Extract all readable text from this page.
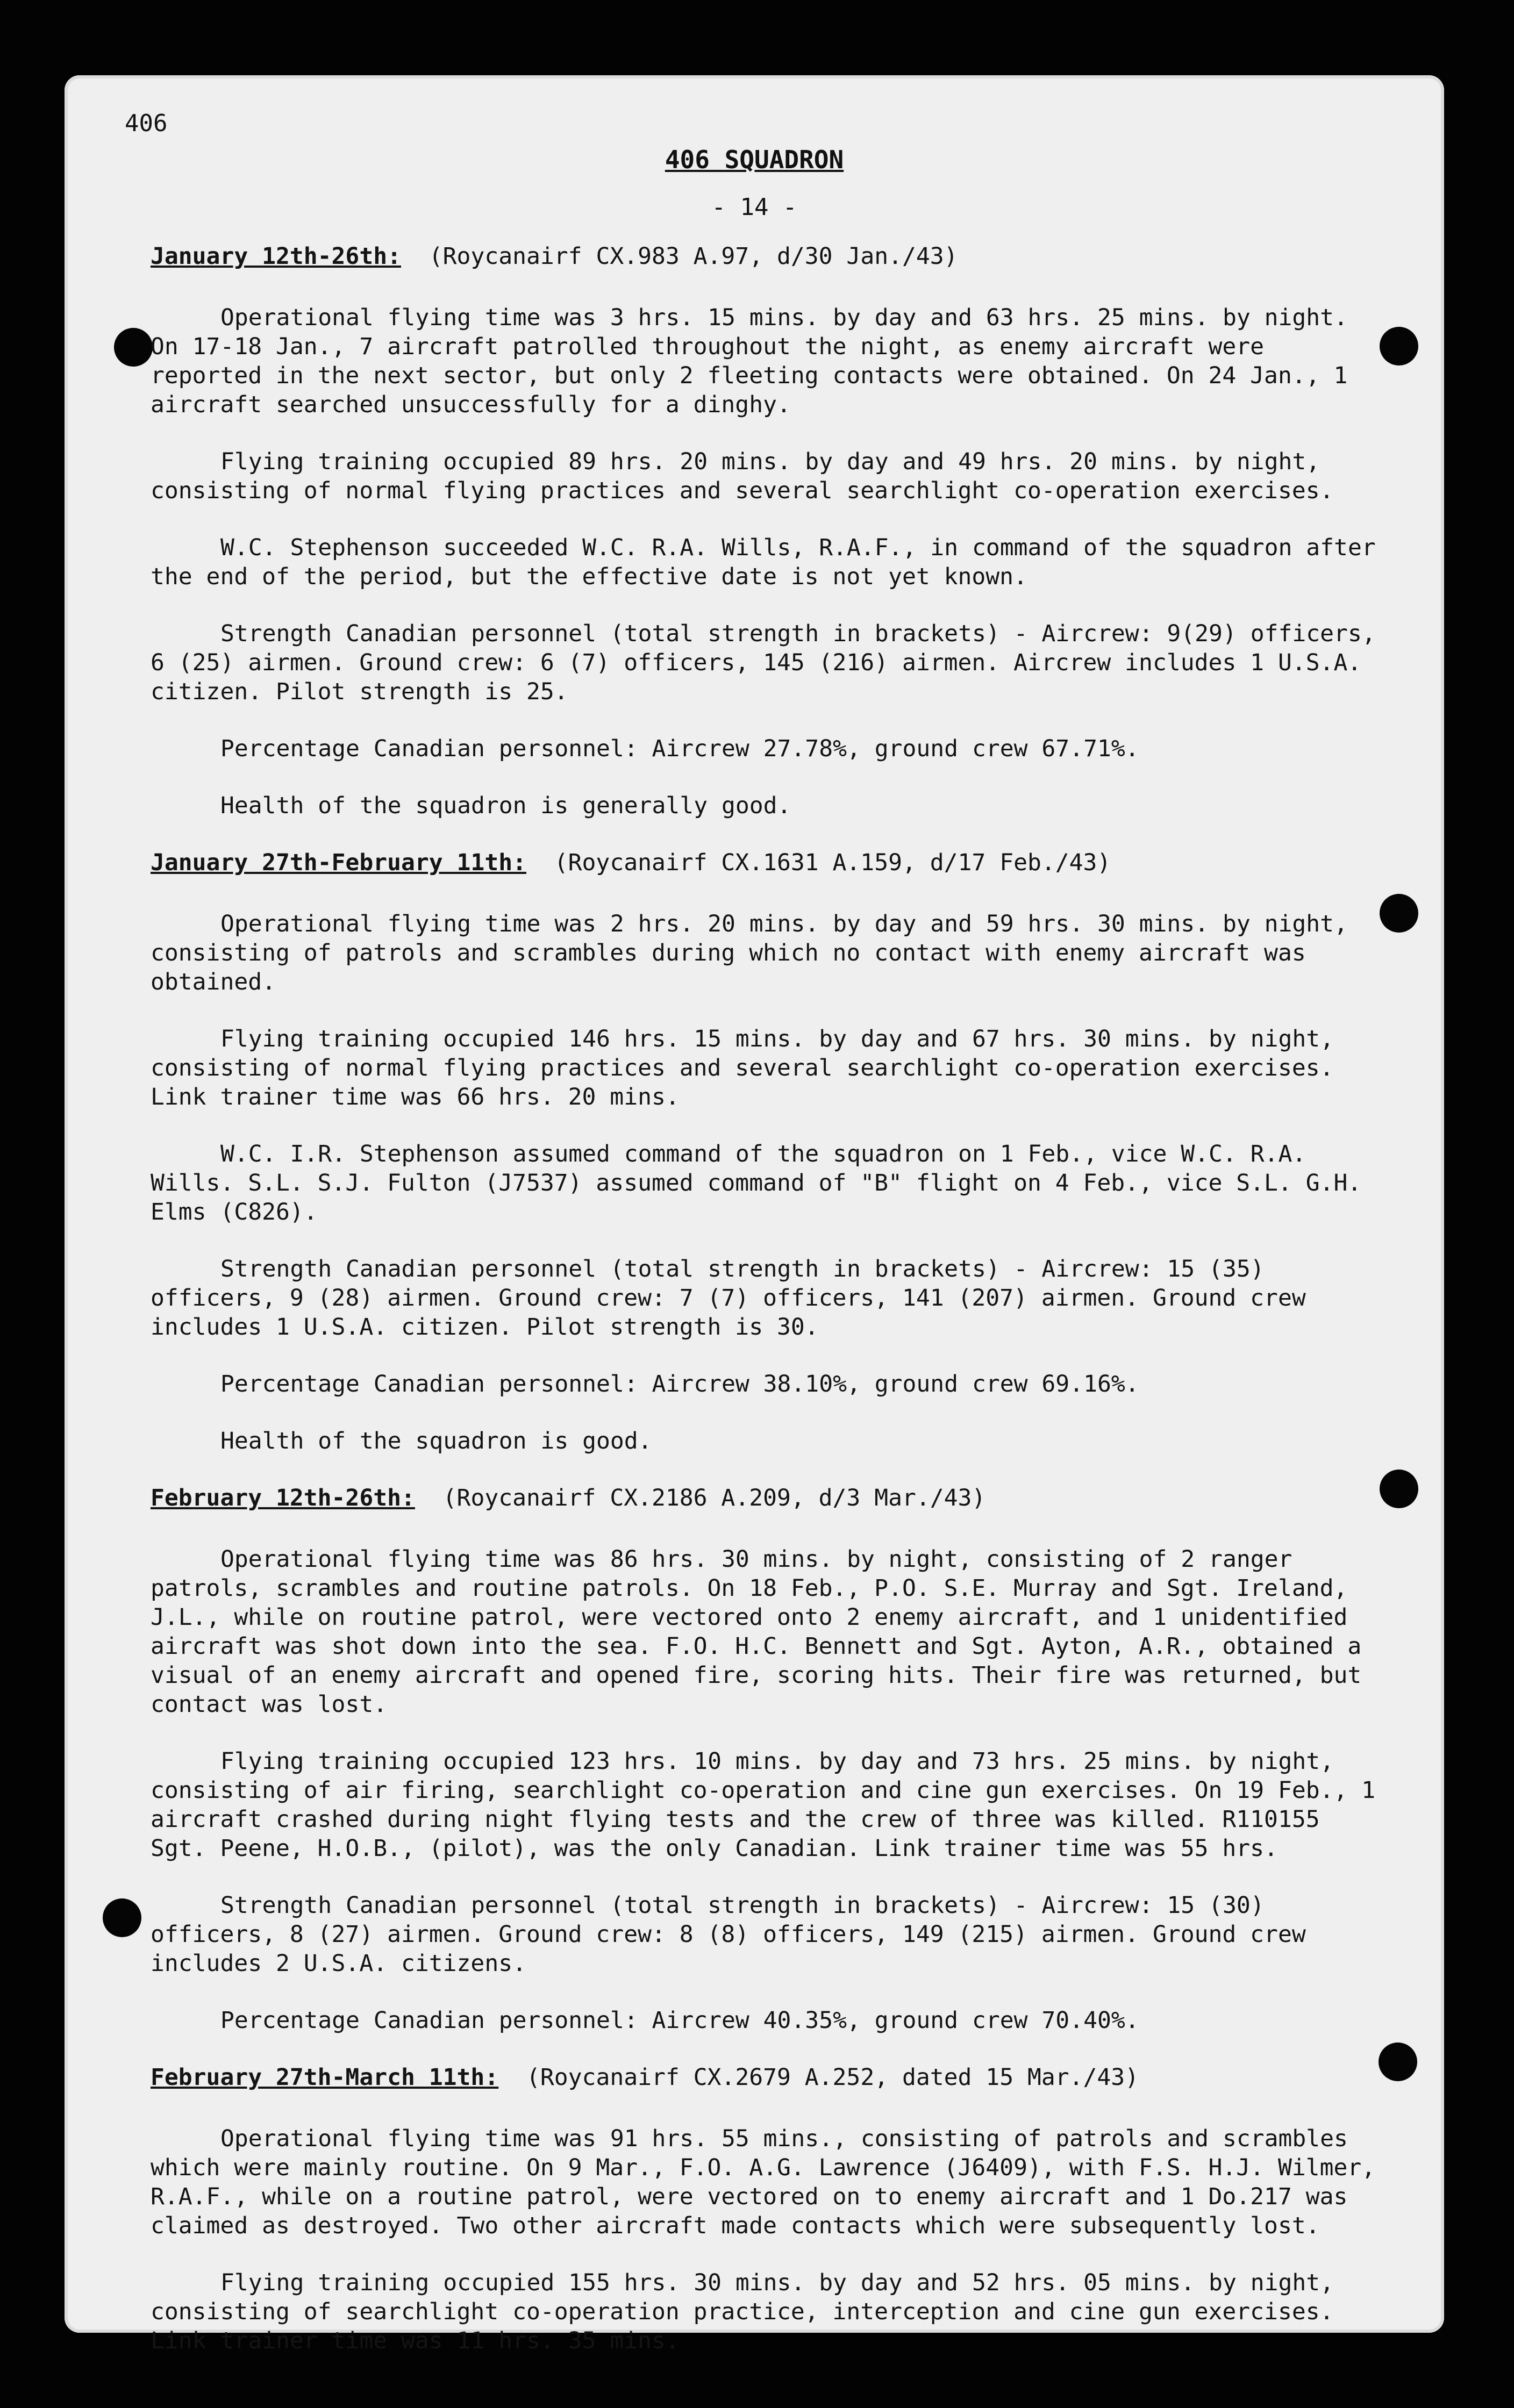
406
406 SQUADRON
- 14 -
January 12th-26th: (Roycanairf CX.983 A.97, d/30 Jan./43)

Operational flying time was 3 hrs. 15 mins. by day and 63 hrs. 25 mins. by night. On 17-18 Jan., 7 aircraft patrolled throughout the night, as enemy aircraft were reported in the next sector, but only 2 fleeting contacts were obtained. On 24 Jan., 1 aircraft searched unsuccessfully for a dinghy.

Flying training occupied 89 hrs. 20 mins. by day and 49 hrs. 20 mins. by night, consisting of normal flying practices and several searchlight co-operation exercises.

W.C. Stephenson succeeded W.C. R.A. Wills, R.A.F., in command of the squadron after the end of the period, but the effective date is not yet known.

Strength Canadian personnel (total strength in brackets) - Aircrew: 9(29) officers, 6 (25) airmen. Ground crew: 6 (7) officers, 145 (216) airmen. Aircrew includes 1 U.S.A. citizen. Pilot strength is 25.

Percentage Canadian personnel: Aircrew 27.78%, ground crew 67.71%.

Health of the squadron is generally good.

January 27th-February 11th: (Roycanairf CX.1631 A.159, d/17 Feb./43)

Operational flying time was 2 hrs. 20 mins. by day and 59 hrs. 30 mins. by night, consisting of patrols and scrambles during which no contact with enemy aircraft was obtained.

Flying training occupied 146 hrs. 15 mins. by day and 67 hrs. 30 mins. by night, consisting of normal flying practices and several searchlight co-operation exercises. Link trainer time was 66 hrs. 20 mins.

W.C. I.R. Stephenson assumed command of the squadron on 1 Feb., vice W.C. R.A. Wills. S.L. S.J. Fulton (J7537) assumed command of "B" flight on 4 Feb., vice S.L. G.H. Elms (C826).

Strength Canadian personnel (total strength in brackets) - Aircrew: 15 (35) officers, 9 (28) airmen. Ground crew: 7 (7) officers, 141 (207) airmen. Ground crew includes 1 U.S.A. citizen. Pilot strength is 30.

Percentage Canadian personnel: Aircrew 38.10%, ground crew 69.16%.

Health of the squadron is good.

February 12th-26th: (Roycanairf CX.2186 A.209, d/3 Mar./43)

Operational flying time was 86 hrs. 30 mins. by night, consisting of 2 ranger patrols, scrambles and routine patrols. On 18 Feb., P.O. S.E. Murray and Sgt. Ireland, J.L., while on routine patrol, were vectored onto 2 enemy aircraft, and 1 unidentified aircraft was shot down into the sea. F.O. H.C. Bennett and Sgt. Ayton, A.R., obtained a visual of an enemy aircraft and opened fire, scoring hits. Their fire was returned, but contact was lost.

Flying training occupied 123 hrs. 10 mins. by day and 73 hrs. 25 mins. by night, consisting of air firing, searchlight co-operation and cine gun exercises. On 19 Feb., 1 aircraft crashed during night flying tests and the crew of three was killed. R110155 Sgt. Peene, H.O.B., (pilot), was the only Canadian. Link trainer time was 55 hrs.

Strength Canadian personnel (total strength in brackets) - Aircrew: 15 (30) officers, 8 (27) airmen. Ground crew: 8 (8) officers, 149 (215) airmen. Ground crew includes 2 U.S.A. citizens.

Percentage Canadian personnel: Aircrew 40.35%, ground crew 70.40%.

February 27th-March 11th: (Roycanairf CX.2679 A.252, dated 15 Mar./43)

Operational flying time was 91 hrs. 55 mins., consisting of patrols and scrambles which were mainly routine. On 9 Mar., F.O. A.G. Lawrence (J6409), with F.S. H.J. Wilmer, R.A.F., while on a routine patrol, were vectored on to enemy aircraft and 1 Do.217 was claimed as destroyed. Two other aircraft made contacts which were subsequently lost.

Flying training occupied 155 hrs. 30 mins. by day and 52 hrs. 05 mins. by night, consisting of searchlight co-operation practice, interception and cine gun exercises. Link trainer time was 11 hrs. 35 mins.
